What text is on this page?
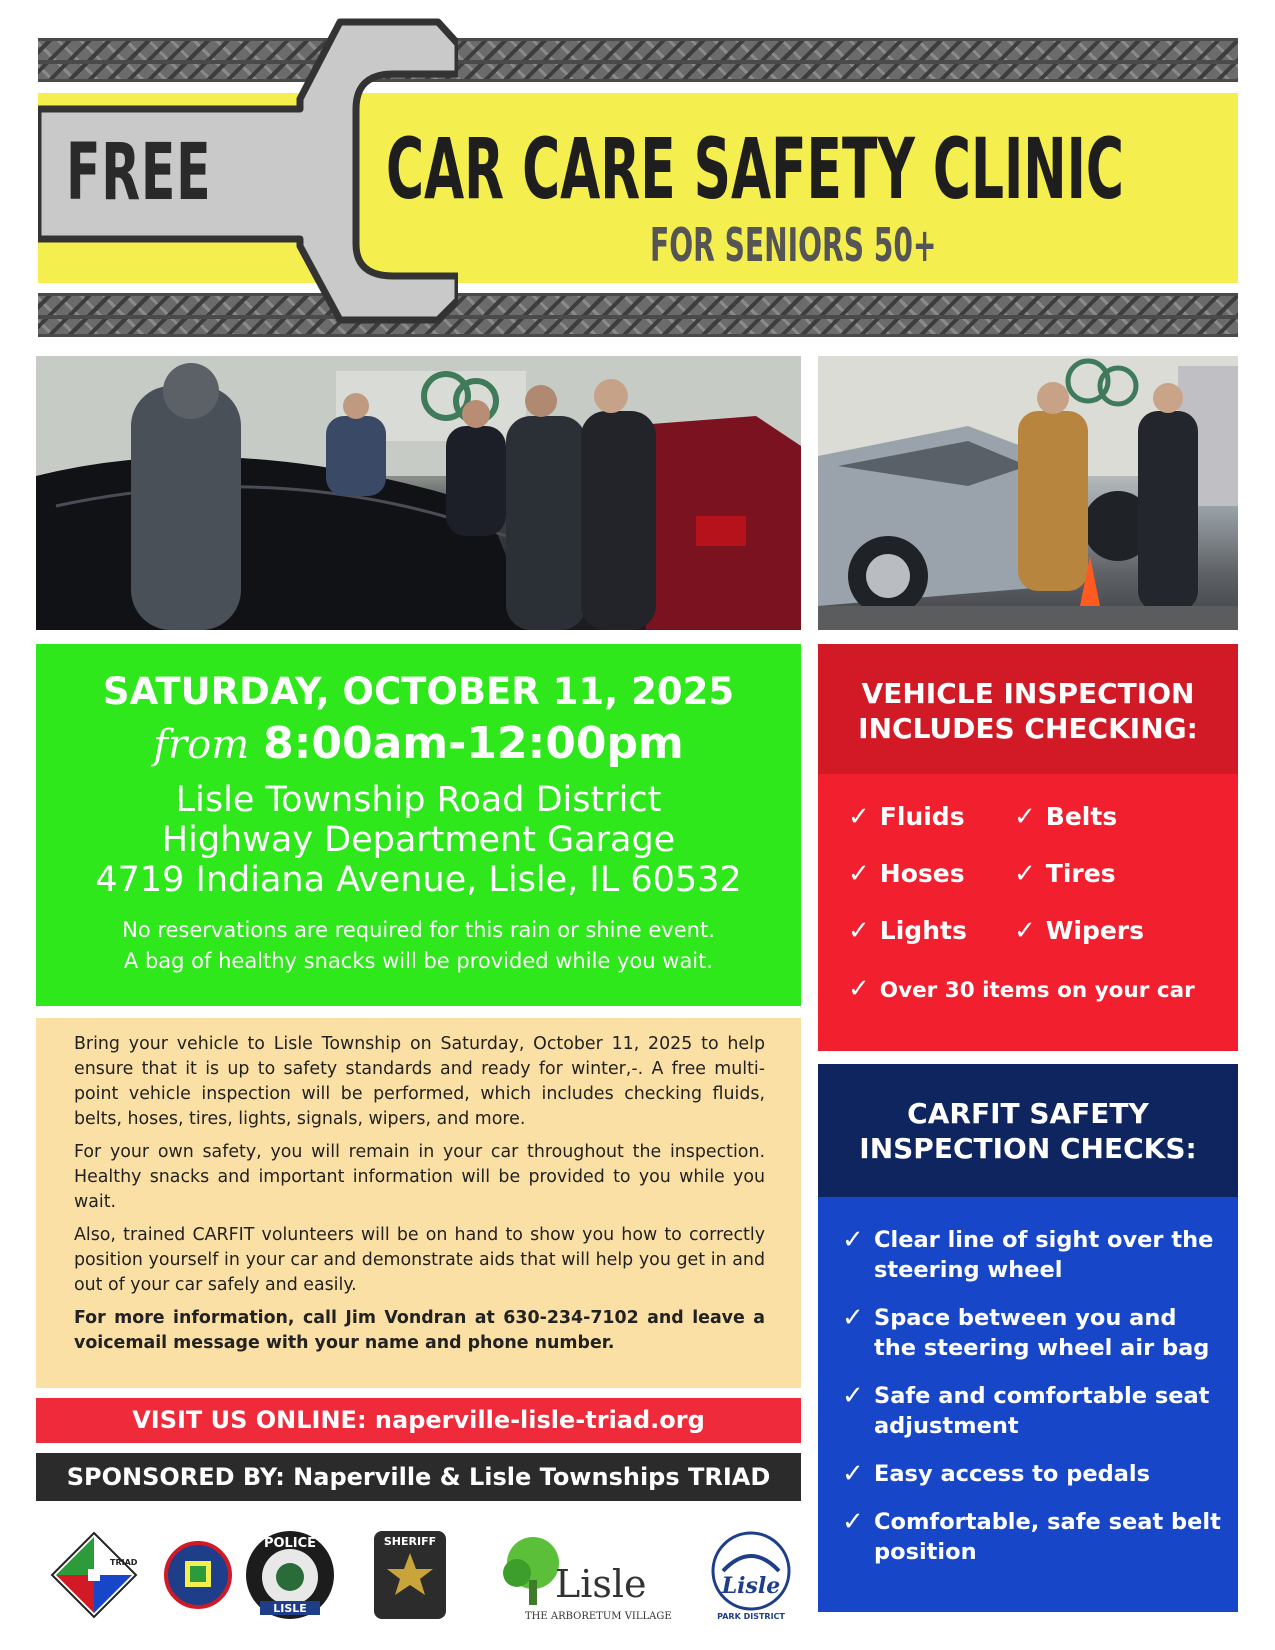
FREE CAR CARE SAFETY CLINIC
FOR SENIORS 50+
SATURDAY, OCTOBER 11, 2025
from 8:00am-12:00pm
Lisle Township Road District
Highway Department Garage
4719 Indiana Avenue, Lisle, IL 60532
No reservations are required for this rain or shine event.
A bag of healthy snacks will be provided while you wait.

Bring your vehicle to Lisle Township on Saturday, October 11, 2025 to help ensure that it is up to safety standards and ready for winter,-. A free multi-point vehicle inspection will be performed, which includes checking fluids, belts, hoses, tires, lights, signals, wipers, and more.

For your own safety, you will remain in your car throughout the inspection. Healthy snacks and important information will be provided to you while you wait.

Also, trained CARFIT volunteers will be on hand to show you how to correctly position yourself in your car and demonstrate aids that will help you get in and out of your car safely and easily.

For more information, call Jim Vondran at 630-234-7102 and leave a voicemail message with your name and phone number.

VISIT US ONLINE: naperville-lisle-triad.org
SPONSORED BY: Naperville & Lisle Townships TRIAD
VEHICLE INSPECTION
INCLUDES CHECKING:
✓ Fluids ✓ Belts
✓ Hoses ✓ Tires
✓ Lights ✓ Wipers
✓ Over 30 items on your car
CARFIT SAFETY
INSPECTION CHECKS:
✓ Clear line of sight over the steering wheel
✓ Space between you and the steering wheel air bag
✓ Safe and comfortable seat adjustment
✓ Easy access to pedals
✓ Comfortable, safe seat belt position
TRIAD
POLICE
LISLE
SHERIFF
Lisle
THE ARBORETUM VILLAGE
Lisle
PARK DISTRICT
